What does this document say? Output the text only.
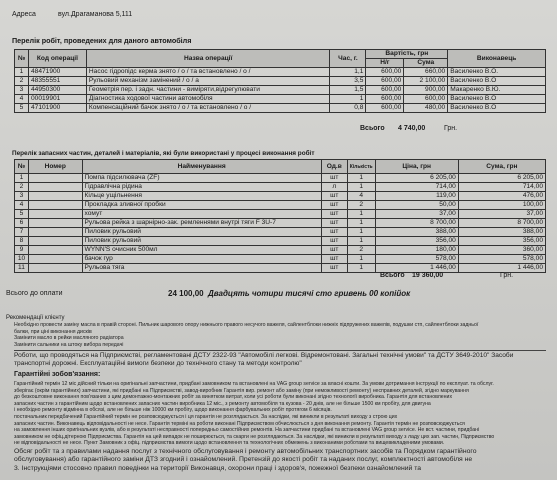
Адреса	вул.Драгаманова 5,111
Перелік робіт, проведених для даного автомобіля
№	Код операції	Назва операції	Час, г.	Вартість, грн		Виконавець
				Н/г	Сума	
1	48471900	Насос гідропідс керма знято / о / та встановлено / о /	1,1	600,00	660,00	Василенко В.О.
2	48355551	Рульовий механізм замінений / о / а	3,5	600,00	2 100,00	Василенко В.О
3	44950300	Геометрія пер. і задн. частини - виміряти,відрегулювати	1,5	600,00	900,00	Макаренко В.Ю.
4	00019901	Діагностика ходової частини автомобіля	1	600,00	600,00	Василенко В.О
5	47101900	Компенсаційний бачок знято / о / та встановлено / о /	0,8	600,00	480,00	Василенко В.О
Всього 4 740,00	Грн.
Перелік запасних частин, деталей і матеріалів, які були використані у процесі виконання робіт
№	Номер	Найменування	Од.в	Кількість	Ціна, грн	Сума, грн
1		Помпа підсилювача (ZF)	шт	1	6 205,00	6 205,00
2		Гідравлічна рідина	л	1	714,00	714,00
3		Кільце ущільнення	шт	4	119,00	476,00
4		Прокладка зливної пробки	шт	2	50,00	100,00
5		хомут	шт	1	37,00	37,00
6		Рульова рейка з шарнірно-зак. ремленнями внутрі тяги F 3U-7	шт	1	8 700,00	8 700,00
7		Пиловик рульовий	шт	1	388,00	388,00
8		Пиловик рульовий	шт	1	356,00	356,00
9		WYNN'S очисник 500мл	шт	2	180,00	360,00
10		бачок гур	шт	1	578,00	578,00
11		Рульова тяга	шт	1	1 446,00	1 446,00
Всього 19 360,00	Грн.
Всього до оплати	24 100,00 Двадцять чотири тисячі сто гривень 00 копійок
Рекомендації клієнту
Необхідно провести заміну масла в правій стороні. Пильник шарового опору нижнього правого несучого важеля, сайлентблоки нижніх підпружених важелів, подушки стп, сайлентблоки задньої
балки, при ціні виконання дисків
Замінити масло в рейки масляного радіатора
Замінити сальники на штоку вибора передачі
Роботи, що проводяться на Підприємстві, регламентовані ДСТУ 2322-93 "Автомобілі легкові. Відремонтовані. Загальні технічні умови" та ДСТУ 3649-2010" Засоби транспортні дорожні. Експлуатаційні вимоги безпеки до технічного стану та методи контролю"
Гарантійні зобов'язання:
Гарантійний термін 12 міс дійсний тільки на оригінальні запчастини, придбані замовником та встановлені на VAG group service за власні кошти. За умови дотримання інструкції по експлуат. та обслуг.
зберігає (окрім гарантійних) запчастини, які придбані на Підприємстві, завод-виробник Гарантія вир. ремонт або заміну (при неможливості ремонту) несправних деталей, згідно маркування
до безкоштовне виконання пов'язаних з цим демонтажно-монтажних робіт за винятком витрат, коли усі роботи були виконані згідно технології виробника. Гарантія для встановлених
запасних частин з гарантійним щодо встановлених запасних частин виробника 12 міс., з ремонту автомобіля та кузова - 20 днів, але не більше 1500 км пробігу, для двигуна
і необхідно ремонту відмінна в обсязі, але не більше ніж 10000 км пробігу, щодо виконання фарбувальних робіт протягом 6 місяців.
постачальник передбачений Гарантійний термін не розповсюджується і ця гарантія не розглядається. За наслідки, які виникли в результаті виходу з строю цих
запасних частин. Виконавець відповідальності не несе. Гарантія терміні на роботи виконані Підприємством обчислюється з дня виконання ремонту. Гарантія термін не розповсюджується
на замовлення інших оригінальних вузлів, або в результаті несправності попередньо самостійних ремонтів. На запчастини придбані та встановлені VAG group service. Не вст. частини, придбані
замовником не офіц.дітерною Підприємства. Гарантія на цей випадок не поширюється, та скарги не розглядаються. За наслідки, які виникли в результаті виходу з ладу цих зап. частин, Підприємство
не відповідальності не несе. Пункт Замовник з офіц. підприємства вимоги щодо встановлення та технологічних обмежень з виконаними роботами та вищевикладеними умовами.
Обсяг робіт та з правилами надання послуг з технічного обслуговування і ремонту автомобільних транспортних засобів та Порядком гарантійного
обслуговування) або гарантійного заміни ДТЗ згодний і ознайомлений. Претензій до якості робіт та наданих послуг, комплектності автомобіля не
3. Інструкціями стосовно правил поведінки на території Виконавця, охорони праці і здоров'я, пожежної безпеки ознайомлений та
